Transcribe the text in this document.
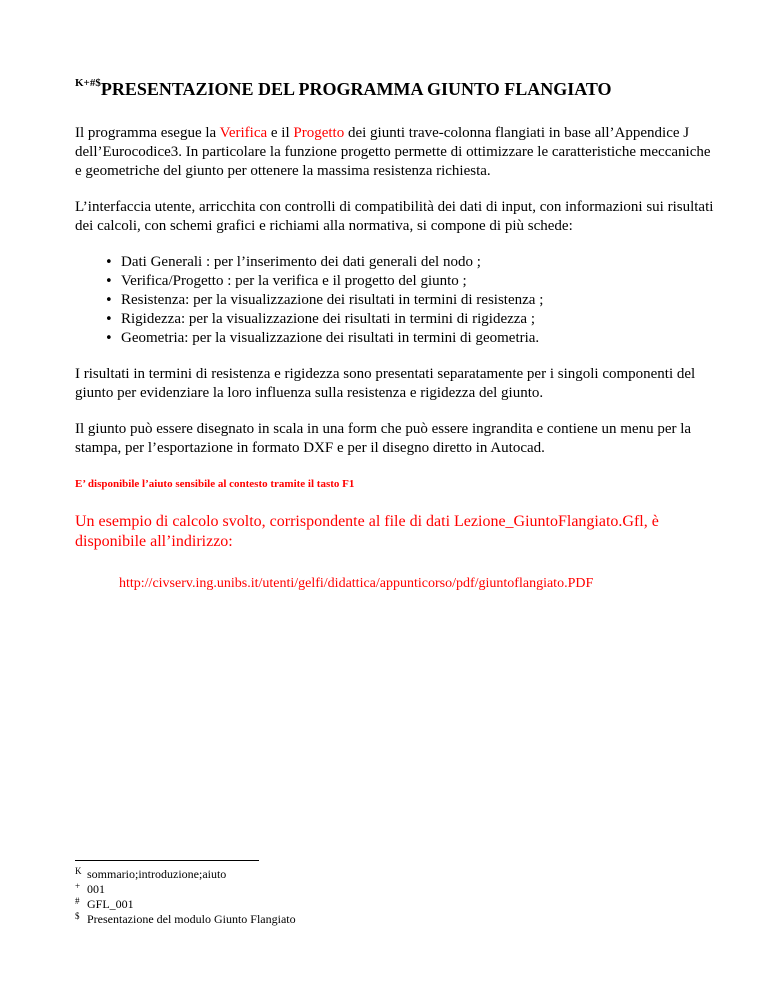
$^{K+\#\$}$PRESENTAZIONE DEL PROGRAMMA GIUNTO FLANGIATO

Il programma esegue la Verifica e il Progetto dei giunti trave-colonna flangiati in base all’Appendice J dell’Eurocodice3. In particolare la funzione progetto permette di ottimizzare le caratteristiche meccaniche e geometriche del giunto per ottenere la massima resistenza richiesta.

L’interfaccia utente, arricchita con controlli di compatibilità dei dati di input, con informazioni sui risultati dei calcoli, con schemi grafici e richiami alla normativa, si compone di più schede:

• Dati Generali : per l’inserimento dei dati generali del nodo ;
• Verifica/Progetto : per la verifica e il progetto del giunto ;
• Resistenza: per la visualizzazione dei risultati in termini di resistenza ;
• Rigidezza: per la visualizzazione dei risultati in termini di rigidezza ;
• Geometria: per la visualizzazione dei risultati in termini di geometria.

I risultati in termini di resistenza e rigidezza sono presentati separatamente per i singoli componenti del giunto per evidenziare la loro influenza sulla resistenza e rigidezza del giunto.

Il giunto può essere disegnato in scala in una form che può essere ingrandita e contiene un menu per la stampa, per l’esportazione in formato DXF e per il disegno diretto in Autocad.

E’ disponibile l’aiuto sensibile al contesto tramite il tasto F1
Un esempio di calcolo svolto, corrispondente al file di dati Lezione_GiuntoFlangiato.Gfl, è disponibile all’indirizzo:
http://civserv.ing.unibs.it/utenti/gelfi/didattica/appunticorso/pdf/giuntoflangiato.PDF
K sommario;introduzione;aiuto
+ 001
# GFL_001
$ Presentazione del modulo Giunto Flangiato
